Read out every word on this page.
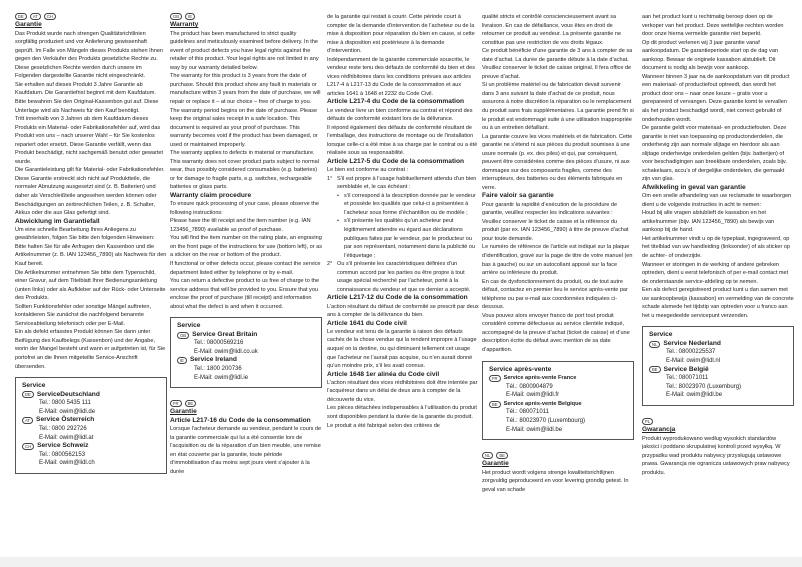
DE	AT	CH
Garantie

Das Produkt wurde nach strengen Qualitätsrichtlinien sorgfältig produziert und vor Anlieferung gewissenhaft geprüft. Im Falle von Mängeln dieses Produkts stehen Ihnen gegen den Verkäufer des Produkts gesetzliche Rechte zu. Diese gesetzlichen Rechte werden durch unsere im Folgenden dargestellte Garantie nicht eingeschränkt.

Sie erhalten auf dieses Produkt 3 Jahre Garantie ab Kaufdatum. Die Garantiefrist beginnt mit dem Kaufdatum. Bitte bewahren Sie den Original-Kassenbon gut auf. Diese Unterlage wird als Nachweis für den Kauf benötigt.

Tritt innerhalb von 3 Jahren ab dem Kaufdatum dieses Produkts ein Material- oder Fabrikationsfehler auf, wird das Produkt von uns – nach unserer Wahl – für Sie kostenlos repariert oder ersetzt. Diese Garantie verfällt, wenn das Produkt beschädigt, nicht sachgemäß benutzt oder gewartet wurde.

Die Garantieleistung gilt für Material- oder Fabrikationsfehler. Diese Garantie erstreckt sich nicht auf Produktteile, die normaler Abnutzung ausgesetzt sind (z. B. Batterien) und daher als Verschleißteile angesehen werden können oder Beschädigungen an zerbrechlichen Teilen, z. B. Schalter, Akkus oder die aus Glas gefertigt sind.

Abwicklung im Garantiefall

Um eine schnelle Bearbeitung Ihres Anliegens zu gewährleisten, folgen Sie bitte den folgenden Hinweisen:

Bitte halten Sie für alle Anfragen den Kassenbon und die Artikelnummer (z. B. IAN 123456_7890) als Nachweis für den Kauf bereit.

Die Artikelnummer entnehmen Sie bitte dem Typenschild, einer Gravur, auf dem Titelblatt Ihrer Bedienungsanleitung (unten links) oder als Aufkleber auf der Rück- oder Unterseite des Produkts.

Sollten Funktionsfehler oder sonstige Mängel auftreten, kontaktieren Sie zunächst die nachfolgend benannte Serviceabteilung telefonisch oder per E-Mail.

Ein als defekt erfasstes Produkt können Sie dann unter Beifügung des Kaufbelegs (Kassenbon) und der Angabe, worin der Mangel besteht und wann er aufgetreten ist, für Sie portofrei an die Ihnen mitgeteilte Service-Anschrift übersenden.

Service
DE ServiceDeutschland
Tel.: 0800 5435 111
E-Mail: owim@lidl.de
AT Service Österreich
Tel.: 0800 292726
E-Mail: owim@lidl.at
CH Service Schweiz
Tel.: 0800562153
E-Mail: owim@lidl.ch
GB	IE
Warranty

The product has been manufactured to strict quality guidelines and meticulously examined before delivery. In the event of product defects you have legal rights against the retailer of this product. Your legal rights are not limited in any way by our warranty detailed below.

The warranty for this product is 3 years from the date of purchase. Should this product show any fault in materials or manufacture within 3 years from the date of purchase, we will repair or replace it – at our choice – free of charge to you.

The warranty period begins on the date of purchase. Please keep the original sales receipt in a safe location. This document is required as your proof of purchase. This warranty becomes void if the product has been damaged, or used or maintained improperly.

The warranty applies to defects in material or manufacture. This warranty does not cover product parts subject to normal wear, thus possibly considered consumables (e.g. batteries) or for damage to fragile parts, e.g. switches, rechargeable batteries or glass parts.

Warranty claim procedure

To ensure quick processing of your case, please observe the following instructions:

Please have the till receipt and the item number (e.g. IAN 123456_7890) available as proof of purchase.

You will find the item number on the rating plate, an engraving on the front page of the instructions for use (bottom left), or as a sticker on the rear or bottom of the product.

If functional or other defects occur, please contact the service department listed either by telephone or by e-mail.

You can return a defective product to us free of charge to the service address that will be provided to you. Ensure that you enclose the proof of purchase (till receipt) and information about what the defect is and when it occurred.

Service
GB Service Great Britain
Tel.: 08000569216
E-Mail: owim@lidl.co.uk
IE Service Ireland
Tel.: 1800 200736
E-Mail: owim@lidl.ie
FR	BE
Garantie
Article L217-16 du Code de la consommation

Lorsque l’acheteur demande au vendeur, pendant le cours de la garantie commerciale qui lui a été consentie lors de l’acquisition ou de la réparation d’un bien meuble, une remise en état couverte par la garantie, toute période d’immobilisation d’au moins sept jours vient s’ajouter à la durée

de la garantie qui restait à courir. Cette période court à compter de la demande d’intervention de l’acheteur ou de la mise à disposition pour réparation du bien en cause, si cette mise à disposition est postérieure à la demande d’intervention.

Indépendamment de la garantie commerciale souscrite, le vendeur reste tenu des défauts de conformité du bien et des vices rédhibitoires dans les conditions prévues aux articles L217-4 à L217-13 du Code de la consommation et aux articles 1641 à 1648 et 2232 du Code Civil.

Article L217-4 du Code de la consommation

Le vendeur livre un bien conforme au contrat et répond des défauts de conformité existant lors de la délivrance.

Il répond également des défauts de conformité résultant de l’emballage, des instructions de montage ou de l’installation lorsque celle-ci a été mise à sa charge par le contrat ou a été réalisée sous sa responsabilité.

Article L217-5 du Code de la consommation

Le bien est conforme au contrat :

1° S’il est propre à l’usage habituellement attendu d’un bien semblable et, le cas échéant :
• s’il correspond à la description donnée par le vendeur et possède les qualités que celui-ci a présentées à l’acheteur sous forme d’échantillon ou de modèle ;
• s’il présente les qualités qu’un acheteur peut légitimement attendre eu égard aux déclarations publiques faites par le vendeur, par le producteur ou par son représentant, notamment dans la publicité ou l’étiquetage ;
2° Ou s’il présente les caractéristiques définies d’un commun accord par les parties ou être propre à tout usage spécial recherché par l’acheteur, porté à la connaissance du vendeur et que ce dernier a accepté.
Article L217-12 du Code de la consommation

L’action résultant du défaut de conformité se prescrit par deux ans à compter de la délivrance du bien.

Article 1641 du Code civil

Le vendeur est tenu de la garantie à raison des défauts cachés de la chose vendue qui la rendent impropre à l’usage auquel on la destine, ou qui diminuent tellement cet usage que l’acheteur ne l’aurait pas acquise, ou n’en aurait donné qu’un moindre prix, s’il les avait connus.

Article 1648 1er alinéa du Code civil

L’action résultant des vices rédhibitoires doit être intentée par l’acquéreur dans un délai de deux ans à compter de la découverte du vice.

Les pièces détachées indispensables à l’utilisation du produit sont disponibles pendant la durée de la garantie du produit.

Le produit a été fabriqué selon des critères de

qualité stricts et contrôlé consciencieusement avant sa livraison. En cas de défaillance, vous êtes en droit de retourner ce produit au vendeur. La présente garantie ne constitue pas une restriction de vos droits légaux.

Ce produit bénéficie d’une garantie de 3 ans à compter de sa date d’achat. La durée de garantie débute à la date d’achat. Veuillez conserver le ticket de caisse original. Il fera office de preuve d’achat.

Si un problème matériel ou de fabrication devait survenir dans 3 ans suivant la date d’achat de ce produit, nous assurons à notre discrétion la réparation ou le remplacement du produit sans frais supplémentaires. La garantie prend fin si le produit est endommagé suite à une utilisation inappropriée ou à un entretien défaillant.

La garantie couvre les vices matériels et de fabrication. Cette garantie ne s’étend ni aux pièces du produit soumises à une usure normale (p. ex. des piles) et qui, par conséquent, peuvent être considérées comme des pièces d’usure, ni aux dommages sur des composants fragiles, comme des interrupteurs, des batteries ou des éléments fabriqués en verre.

Faire valoir sa garantie

Pour garantir la rapidité d’exécution de la procédure de garantie, veuillez respecter les indications suivantes :

Veuillez conserver le ticket de caisse et la référence du produit (par ex. IAN 123456_7890) à titre de preuve d’achat pour toute demande.

Le numéro de référence de l’article est indiqué sur la plaque d’identification, gravé sur la page de titre de votre manuel (en bas à gauche) ou sur un autocollant apposé sur la face arrière ou inférieure du produit.

En cas de dysfonctionnement du produit, ou de tout autre défaut, contactez en premier lieu le service après-vente par téléphone ou par e-mail aux coordonnées indiquées ci-dessous.

Vous pouvez alors envoyer franco de port tout produit considéré comme défectueux au service clientèle indiqué, accompagné de la preuve d’achat (ticket de caisse) et d’une description écrite du défaut avec mention de sa date d’apparition.

Service après-vente
FR	Service après-vente France
Tél.: 0800904879
E-Mail: owim@lidl.fr
BE	Service après-vente Belgique
Tél.: 080071011
Tél.: 80023970 (Luxembourg)
E-Mail: owim@lidl.be
NL	BE
Garantie

Het product wordt volgens strenge kwaliteitsrichtlijnen zorgvuldig geproduceerd en voor levering grondig getest. In geval van schade

aan het product kunt u rechtmatig beroep doen op de verkoper van het product. Deze wettelijke rechten worden door onze hierna vermelde garantie niet beperkt.

Op dit product verlenen wij 3 jaar garantie vanaf aankoopdatum. De garantieperiode start op de dag van aankoop. Bewaar de originele kassabon alstublieft. Dit document is nodig als bewijs voor aankoop.

Wanneer binnen 3 jaar na de aankoopdatum van dit product een materiaal- of productiefout optreedt, dan wordt het product door ons – naar onze keuze – gratis voor u gerepareerd of vervangen. Deze garantie komt te vervallen als het product beschadigd wordt, niet correct gebruikt of onderhouden wordt.

De garantie geldt voor materiaal- en productiefouten. Deze garantie is niet van toepassing op productonderdelen, die onderhevig zijn aan normale slijtage en hierdoor als aan slijtage onderhevige onderdelen gelden (bijv. batterijen) of voor beschadigingen aan breekbare onderdelen, zoals bijv. schakelaars, accu’s of dergelijke onderdelen, die gemaakt zijn van glas.

Afwikkeling in geval van garantie

Om een snelle afhandeling van uw reclamatie te waarborgen dient u de volgende instructies in acht te nemen:

Houd bij alle vragen alstublieft de kassabon en het artikelnummer (bijv. IAN 123456_7890) als bewijs van aankoop bij de hand.

Het artikelnummer vindt u op de typeplaat, ingegraveerd, op het titelblad van uw handleiding (linksonder) of als sticker op de achter- of onderzijde.

Wanneer er storingen in de werking of andere gebreken optreden, dient u eerst telefonisch of per e-mail contact met de onderstaande service-afdeling op te nemen.

Een als defect geregistreerd product kunt u dan samen met uw aankoopbewijs (kassabon) en vermelding van de concrete schade alsmede het tijdstip van optreden voor u franco aan het u meegedeelde servicepunt verzenden.

Service
NL Service Nederland
Tel.: 08000225537
E-Mail: owim@lidl.nl
BE Service België
Tel.: 080071011
Tel.: 80023970 (Luxemburg)
E-Mail: owim@lidl.be
PL
Gwarancja

Produkt wyprodukowano według wysokich standardów jakości i poddano skrupulatnej kontroli przed wysyłką. W przypadku wad produktu nabywcy przysługują ustawowe prawa. Gwarancja nie ogranicza ustawowych praw nabywcy produktu.
